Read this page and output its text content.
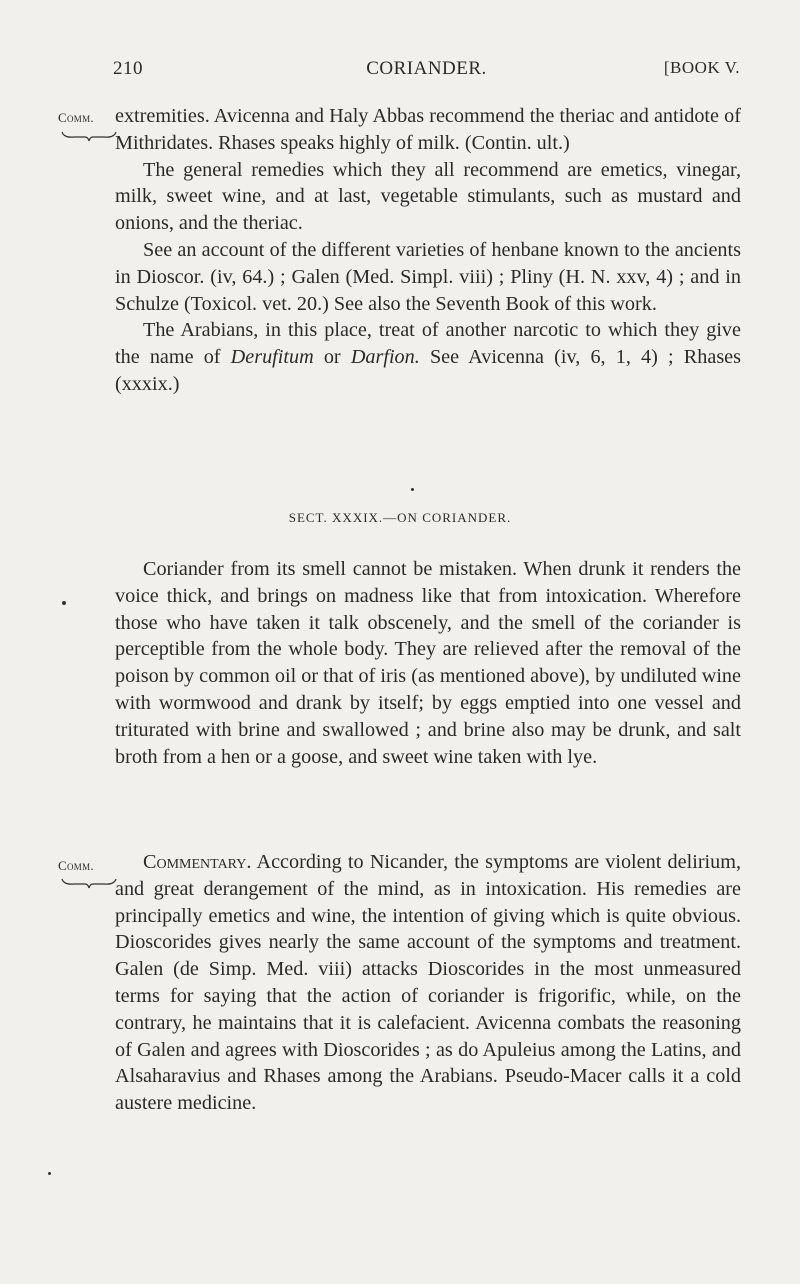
210	CORIANDER.	[BOOK V.
Comm. extremities. Avicenna and Haly Abbas recommend the theriac and antidote of Mithridates. Rhases speaks highly of milk. (Contin. ult.)

The general remedies which they all recommend are emetics, vinegar, milk, sweet wine, and at last, vegetable stimulants, such as mustard and onions, and the theriac.

See an account of the different varieties of henbane known to the ancients in Dioscor. (iv, 64.) ; Galen (Med. Simpl. viii) ; Pliny (H. N. xxv, 4) ; and in Schulze (Toxicol. vet. 20.) See also the Seventh Book of this work.

The Arabians, in this place, treat of another narcotic to which they give the name of Derufitum or Darfion. See Avicenna (iv, 6, 1, 4) ; Rhases (xxxix.)

SECT. XXXIX.—ON CORIANDER.

Coriander from its smell cannot be mistaken. When drunk it renders the voice thick, and brings on madness like that from intoxication. Wherefore those who have taken it talk obscenely, and the smell of the coriander is perceptible from the whole body. They are relieved after the removal of the poison by common oil or that of iris (as mentioned above), by undiluted wine with wormwood and drank by itself; by eggs emptied into one vessel and triturated with brine and swallowed ; and brine also may be drunk, and salt broth from a hen or a goose, and sweet wine taken with lye.

Comm.	Commentary. According to Nicander, the symptoms are violent delirium, and great derangement of the mind, as in intoxication. His remedies are principally emetics and wine, the intention of giving which is quite obvious. Dioscorides gives nearly the same account of the symptoms and treatment. Galen (de Simp. Med. viii) attacks Dioscorides in the most unmeasured terms for saying that the action of coriander is frigorific, while, on the contrary, he maintains that it is calefacient. Avicenna combats the reasoning of Galen and agrees with Dioscorides ; as do Apuleius among the Latins, and Alsaharavius and Rhases among the Arabians. Pseudo-Macer calls it a cold austere medicine.
